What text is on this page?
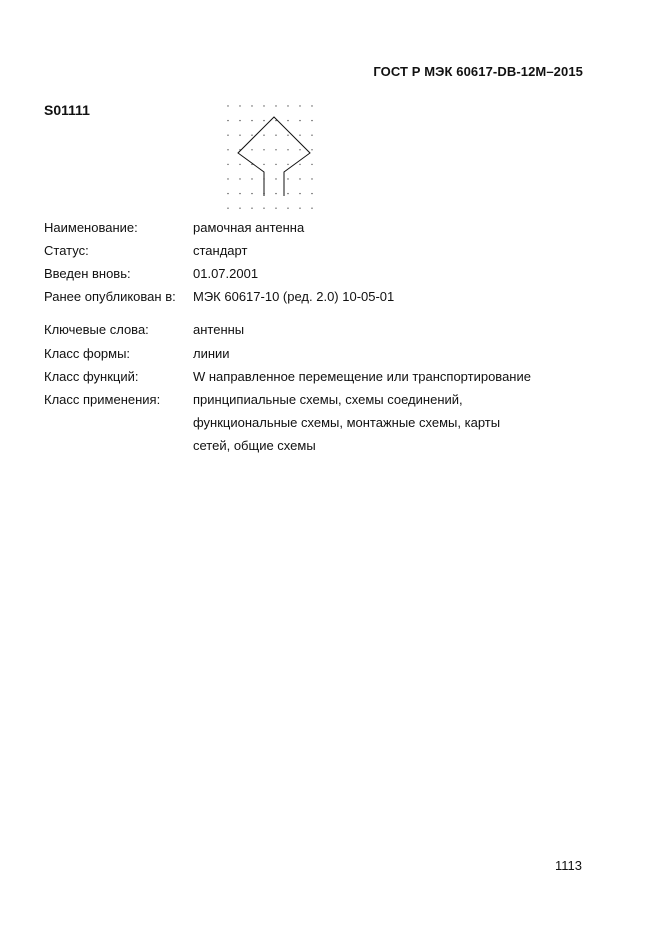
ГОСТ Р МЭК 60617-DB-12M–2015
S01111
Наименование:	рамочная антенна
Статус:	стандарт
Введен вновь:	01.07.2001
Ранее опубликован в: МЭК 60617-10 (ред. 2.0) 10-05-01
Ключевые слова:	антенны
Класс формы:	линии
Класс функций:	W направленное перемещение или транспортирование
Класс применения:	принципиальные схемы, схемы соединений,
функциональные схемы, монтажные схемы, карты
сетей, общие схемы
1113
